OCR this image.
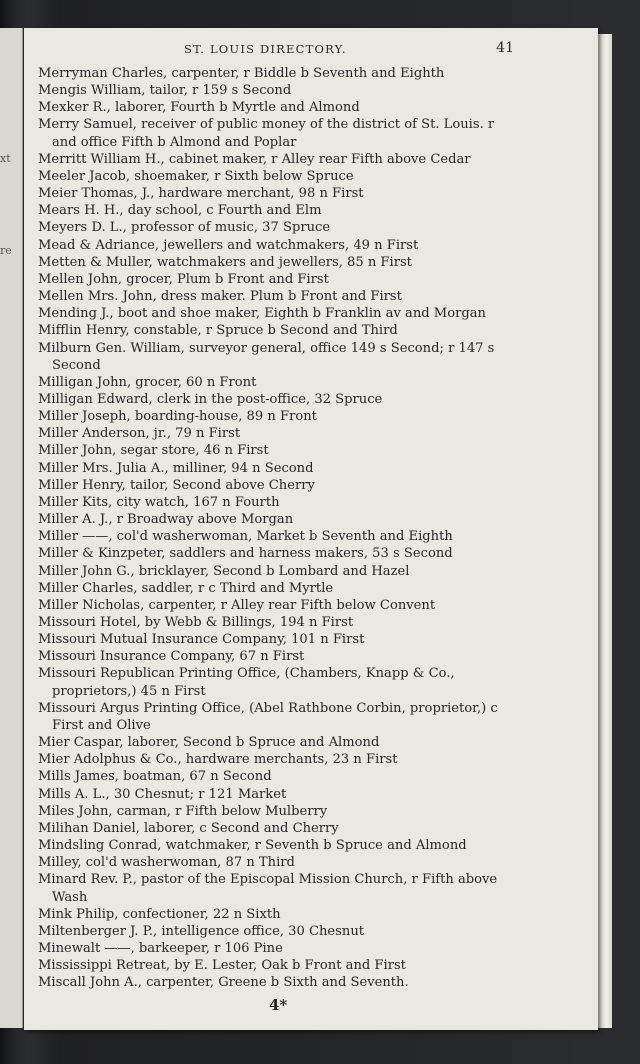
xt
re
ST. LOUIS DIRECTORY.	41
Merryman Charles, carpenter, r Biddle b Seventh and Eighth
Mengis William, tailor, r 159 s Second
Mexker R., laborer, Fourth b Myrtle and Almond
Merry Samuel, receiver of public money of the district of St. Louis. r and office Fifth b Almond and Poplar
Merritt William H., cabinet maker, r Alley rear Fifth above Cedar
Meeler Jacob, shoemaker, r Sixth below Spruce
Meier Thomas, J., hardware merchant, 98 n First
Mears H. H., day school, c Fourth and Elm
Meyers D. L., professor of music, 37 Spruce
Mead & Adriance, jewellers and watchmakers, 49 n First
Metten & Muller, watchmakers and jewellers, 85 n First
Mellen John, grocer, Plum b Front and First
Mellen Mrs. John, dress maker. Plum b Front and First
Mending J., boot and shoe maker, Eighth b Franklin av and Morgan
Mifflin Henry, constable, r Spruce b Second and Third
Milburn Gen. William, surveyor general, office 149 s Second; r 147 s Second
Milligan John, grocer, 60 n Front
Milligan Edward, clerk in the post-office, 32 Spruce
Miller Joseph, boarding-house, 89 n Front
Miller Anderson, jr., 79 n First
Miller John, segar store, 46 n First
Miller Mrs. Julia A., milliner, 94 n Second
Miller Henry, tailor, Second above Cherry
Miller Kits, city watch, 167 n Fourth
Miller A. J., r Broadway above Morgan
Miller ——, col'd washerwoman, Market b Seventh and Eighth
Miller & Kinzpeter, saddlers and harness makers, 53 s Second
Miller John G., bricklayer, Second b Lombard and Hazel
Miller Charles, saddler, r c Third and Myrtle
Miller Nicholas, carpenter, r Alley rear Fifth below Convent
Missouri Hotel, by Webb & Billings, 194 n First
Missouri Mutual Insurance Company, 101 n First
Missouri Insurance Company, 67 n First
Missouri Republican Printing Office, (Chambers, Knapp & Co., proprietors,) 45 n First
Missouri Argus Printing Office, (Abel Rathbone Corbin, proprietor,) c First and Olive
Mier Caspar, laborer, Second b Spruce and Almond
Mier Adolphus & Co., hardware merchants, 23 n First
Mills James, boatman, 67 n Second
Mills A. L., 30 Chesnut; r 121 Market
Miles John, carman, r Fifth below Mulberry
Milihan Daniel, laborer, c Second and Cherry
Mindsling Conrad, watchmaker, r Seventh b Spruce and Almond
Milley, col'd washerwoman, 87 n Third
Minard Rev. P., pastor of the Episcopal Mission Church, r Fifth above Wash
Mink Philip, confectioner, 22 n Sixth
Miltenberger J. P., intelligence office, 30 Chesnut
Minewalt ——, barkeeper, r 106 Pine
Mississippi Retreat, by E. Lester, Oak b Front and First
Miscall John A., carpenter, Greene b Sixth and Seventh.
4*
